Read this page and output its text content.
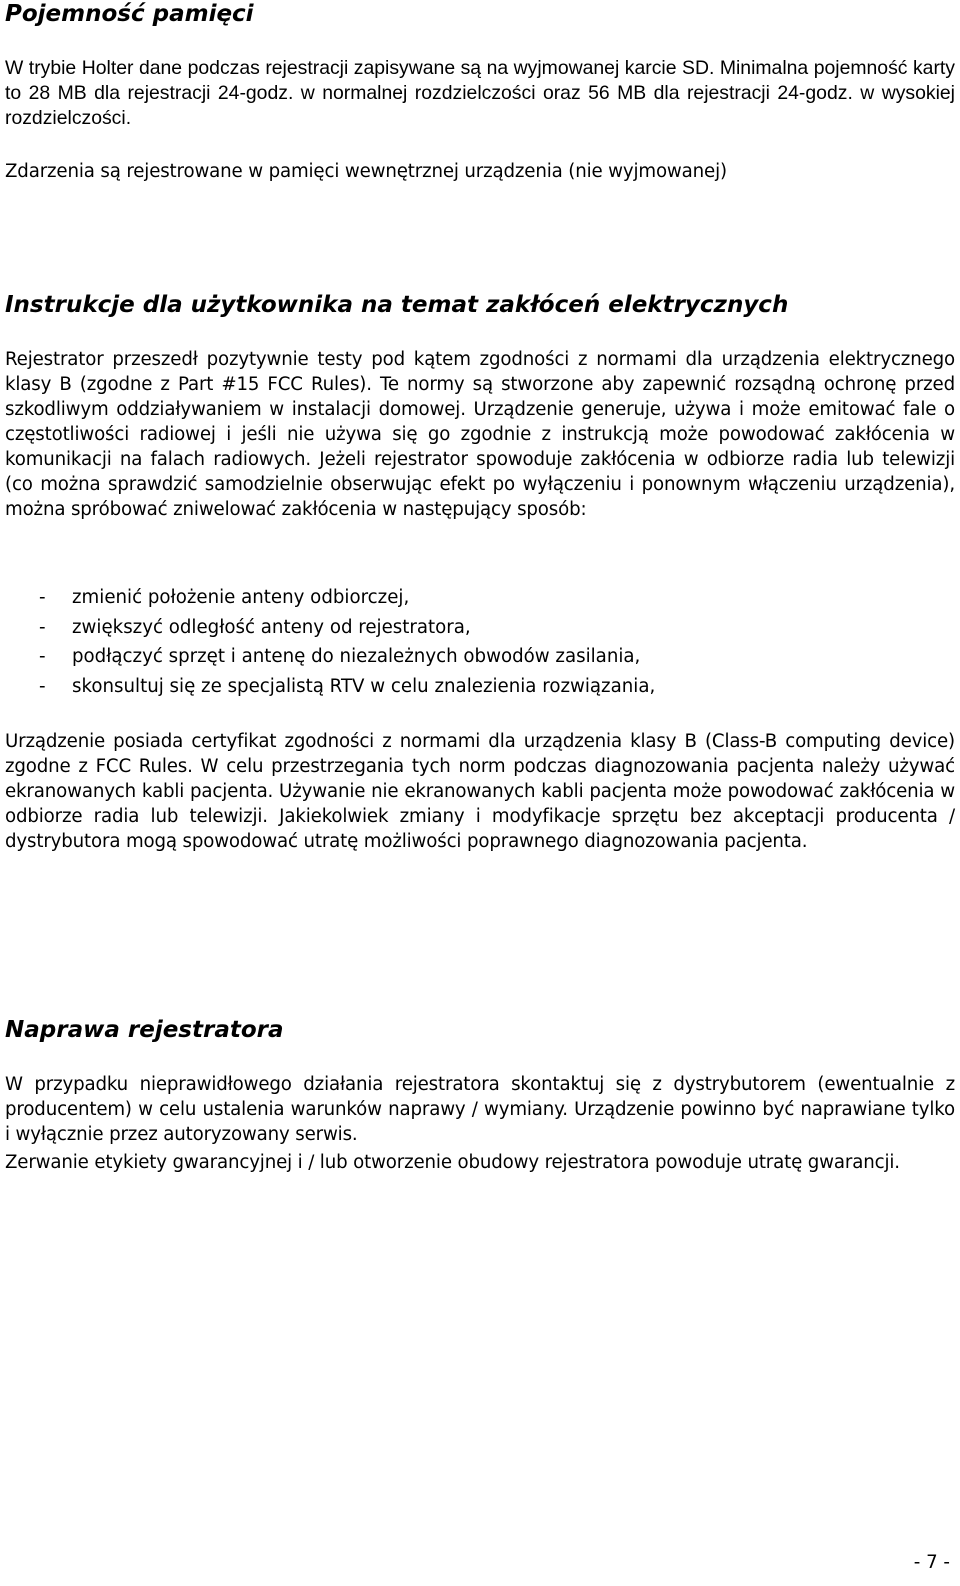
Pojemność pamięci

W trybie Holter dane podczas rejestracji zapisywane są na wyjmowanej karcie SD. Minimalna pojemność karty to 28 MB dla rejestracji 24-godz. w normalnej rozdzielczości oraz 56 MB dla rejestracji 24-godz. w wysokiej rozdzielczości.

Zdarzenia są rejestrowane w pamięci wewnętrznej urządzenia (nie wyjmowanej)

Instrukcje dla użytkownika na temat zakłóceń elektrycznych

Rejestrator przeszedł pozytywnie testy pod kątem zgodności z normami dla urządzenia elektrycznego klasy B (zgodne z Part #15 FCC Rules). Te normy są stworzone aby zapewnić rozsądną ochronę przed szkodliwym oddziaływaniem w instalacji domowej. Urządzenie generuje, używa i może emitować fale o częstotliwości radiowej i jeśli nie używa się go zgodnie z instrukcją może powodować zakłócenia w komunikacji na falach radiowych. Jeżeli rejestrator spowoduje zakłócenia w odbiorze radia lub telewizji (co można sprawdzić samodzielnie obserwując efekt po wyłączeniu i ponownym włączeniu urządzenia), można spróbować zniwelować zakłócenia w następujący sposób:

- zmienić położenie anteny odbiorczej,
- zwiększyć odległość anteny od rejestratora,
- podłączyć sprzęt i antenę do niezależnych obwodów zasilania,
- skonsultuj się ze specjalistą RTV w celu znalezienia rozwiązania,

Urządzenie posiada certyfikat zgodności z normami dla urządzenia klasy B (Class-B computing device) zgodne z FCC Rules. W celu przestrzegania tych norm podczas diagnozowania pacjenta należy używać ekranowanych kabli pacjenta. Używanie nie ekranowanych kabli pacjenta może powodować zakłócenia w odbiorze radia lub telewizji. Jakiekolwiek zmiany i modyfikacje sprzętu bez akceptacji producenta / dystrybutora mogą spowodować utratę możliwości poprawnego diagnozowania pacjenta.

Naprawa rejestratora

W przypadku nieprawidłowego działania rejestratora skontaktuj się z dystrybutorem (ewentualnie z producentem) w celu ustalenia warunków naprawy / wymiany. Urządzenie powinno być naprawiane tylko i wyłącznie przez autoryzowany serwis.

Zerwanie etykiety gwarancyjnej i / lub otworzenie obudowy rejestratora powoduje utratę gwarancji.

- 7 -
